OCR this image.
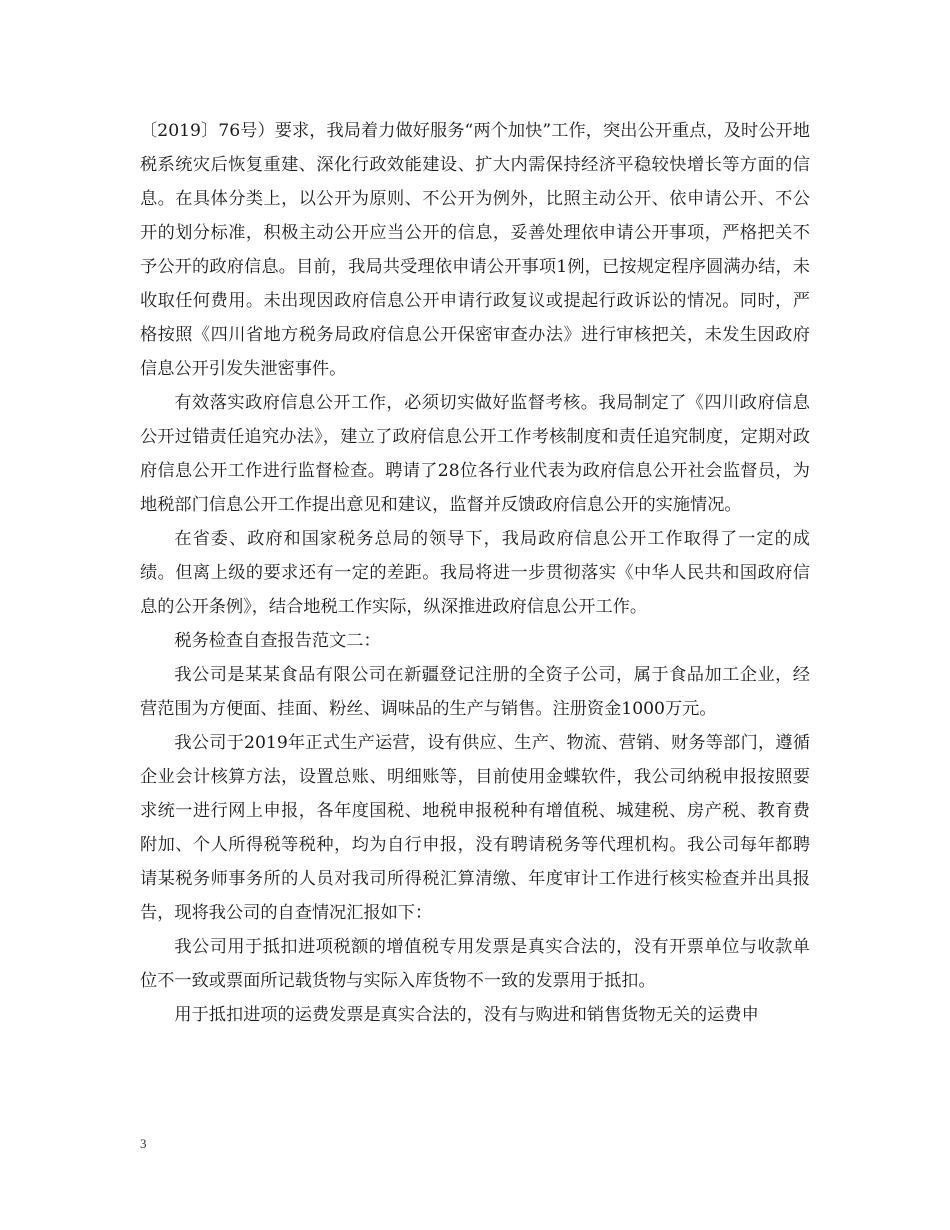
〔2019〕76号）要求，我局着力做好服务“两个加快”工作，突出公开重点，及时公开地税系统灾后恢复重建、深化行政效能建设、扩大内需保持经济平稳较快增长等方面的信息。在具体分类上，以公开为原则、不公开为例外，比照主动公开、依申请公开、不公开的划分标准，积极主动公开应当公开的信息，妥善处理依申请公开事项，严格把关不予公开的政府信息。目前，我局共受理依申请公开事项1例，已按规定程序圆满办结，未收取任何费用。未出现因政府信息公开申请行政复议或提起行政诉讼的情况。同时，严格按照《四川省地方税务局政府信息公开保密审查办法》进行审核把关，未发生因政府信息公开引发失泄密事件。

有效落实政府信息公开工作，必须切实做好监督考核。我局制定了《四川政府信息公开过错责任追究办法》，建立了政府信息公开工作考核制度和责任追究制度，定期对政府信息公开工作进行监督检查。聘请了28位各行业代表为政府信息公开社会监督员，为地税部门信息公开工作提出意见和建议，监督并反馈政府信息公开的实施情况。

在省委、政府和国家税务总局的领导下，我局政府信息公开工作取得了一定的成绩。但离上级的要求还有一定的差距。我局将进一步贯彻落实《中华人民共和国政府信息的公开条例》，结合地税工作实际，纵深推进政府信息公开工作。

税务检查自查报告范文二：

我公司是某某食品有限公司在新疆登记注册的全资子公司，属于食品加工企业，经营范围为方便面、挂面、粉丝、调味品的生产与销售。注册资金1000万元。

我公司于2019年正式生产运营，设有供应、生产、物流、营销、财务等部门，遵循企业会计核算方法，设置总账、明细账等，目前使用金蝶软件，我公司纳税申报按照要求统一进行网上申报，各年度国税、地税申报税种有增值税、城建税、房产税、教育费附加、个人所得税等税种，均为自行申报，没有聘请税务等代理机构。我公司每年都聘请某税务师事务所的人员对我司所得税汇算清缴、年度审计工作进行核实检查并出具报告，现将我公司的自查情况汇报如下：

我公司用于抵扣进项税额的增值税专用发票是真实合法的，没有开票单位与收款单位不一致或票面所记载货物与实际入库货物不一致的发票用于抵扣。

用于抵扣进项的运费发票是真实合法的，没有与购进和销售货物无关的运费申

3
